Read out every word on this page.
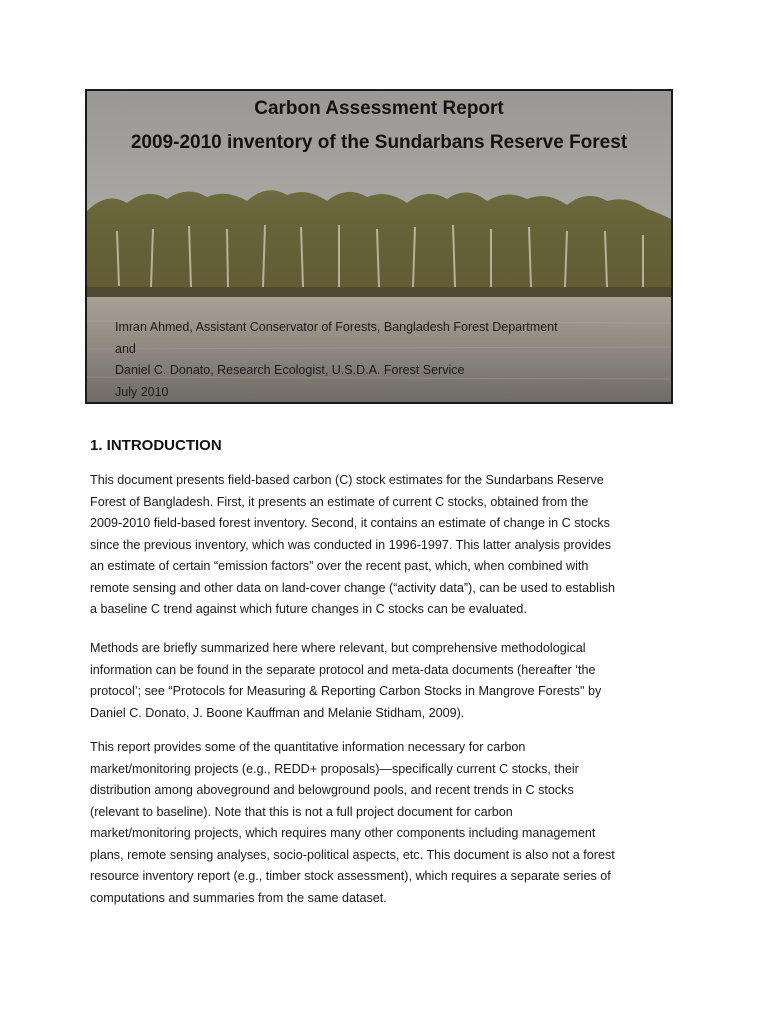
Carbon Assessment Report
2009-2010 inventory of the Sundarbans Reserve Forest
Imran Ahmed, Assistant Conservator of Forests, Bangladesh Forest Department
and
Daniel C. Donato, Research Ecologist, U.S.D.A. Forest Service
July 2010
1. INTRODUCTION

This document presents field-based carbon (C) stock estimates for the Sundarbans Reserve
Forest of Bangladesh. First, it presents an estimate of current C stocks, obtained from the
2009-2010 field-based forest inventory. Second, it contains an estimate of change in C stocks
since the previous inventory, which was conducted in 1996-1997. This latter analysis provides
an estimate of certain “emission factors” over the recent past, which, when combined with
remote sensing and other data on land-cover change (“activity data”), can be used to establish
a baseline C trend against which future changes in C stocks can be evaluated.

Methods are briefly summarized here where relevant, but comprehensive methodological
information can be found in the separate protocol and meta-data documents (hereafter ‘the
protocol’; see “Protocols for Measuring & Reporting Carbon Stocks in Mangrove Forests" by
Daniel C. Donato, J. Boone Kauffman and Melanie Stidham, 2009).

This report provides some of the quantitative information necessary for carbon
market/monitoring projects (e.g., REDD+ proposals)—specifically current C stocks, their
distribution among aboveground and belowground pools, and recent trends in C stocks
(relevant to baseline). Note that this is not a full project document for carbon
market/monitoring projects, which requires many other components including management
plans, remote sensing analyses, socio-political aspects, etc. This document is also not a forest
resource inventory report (e.g., timber stock assessment), which requires a separate series of
computations and summaries from the same dataset.
